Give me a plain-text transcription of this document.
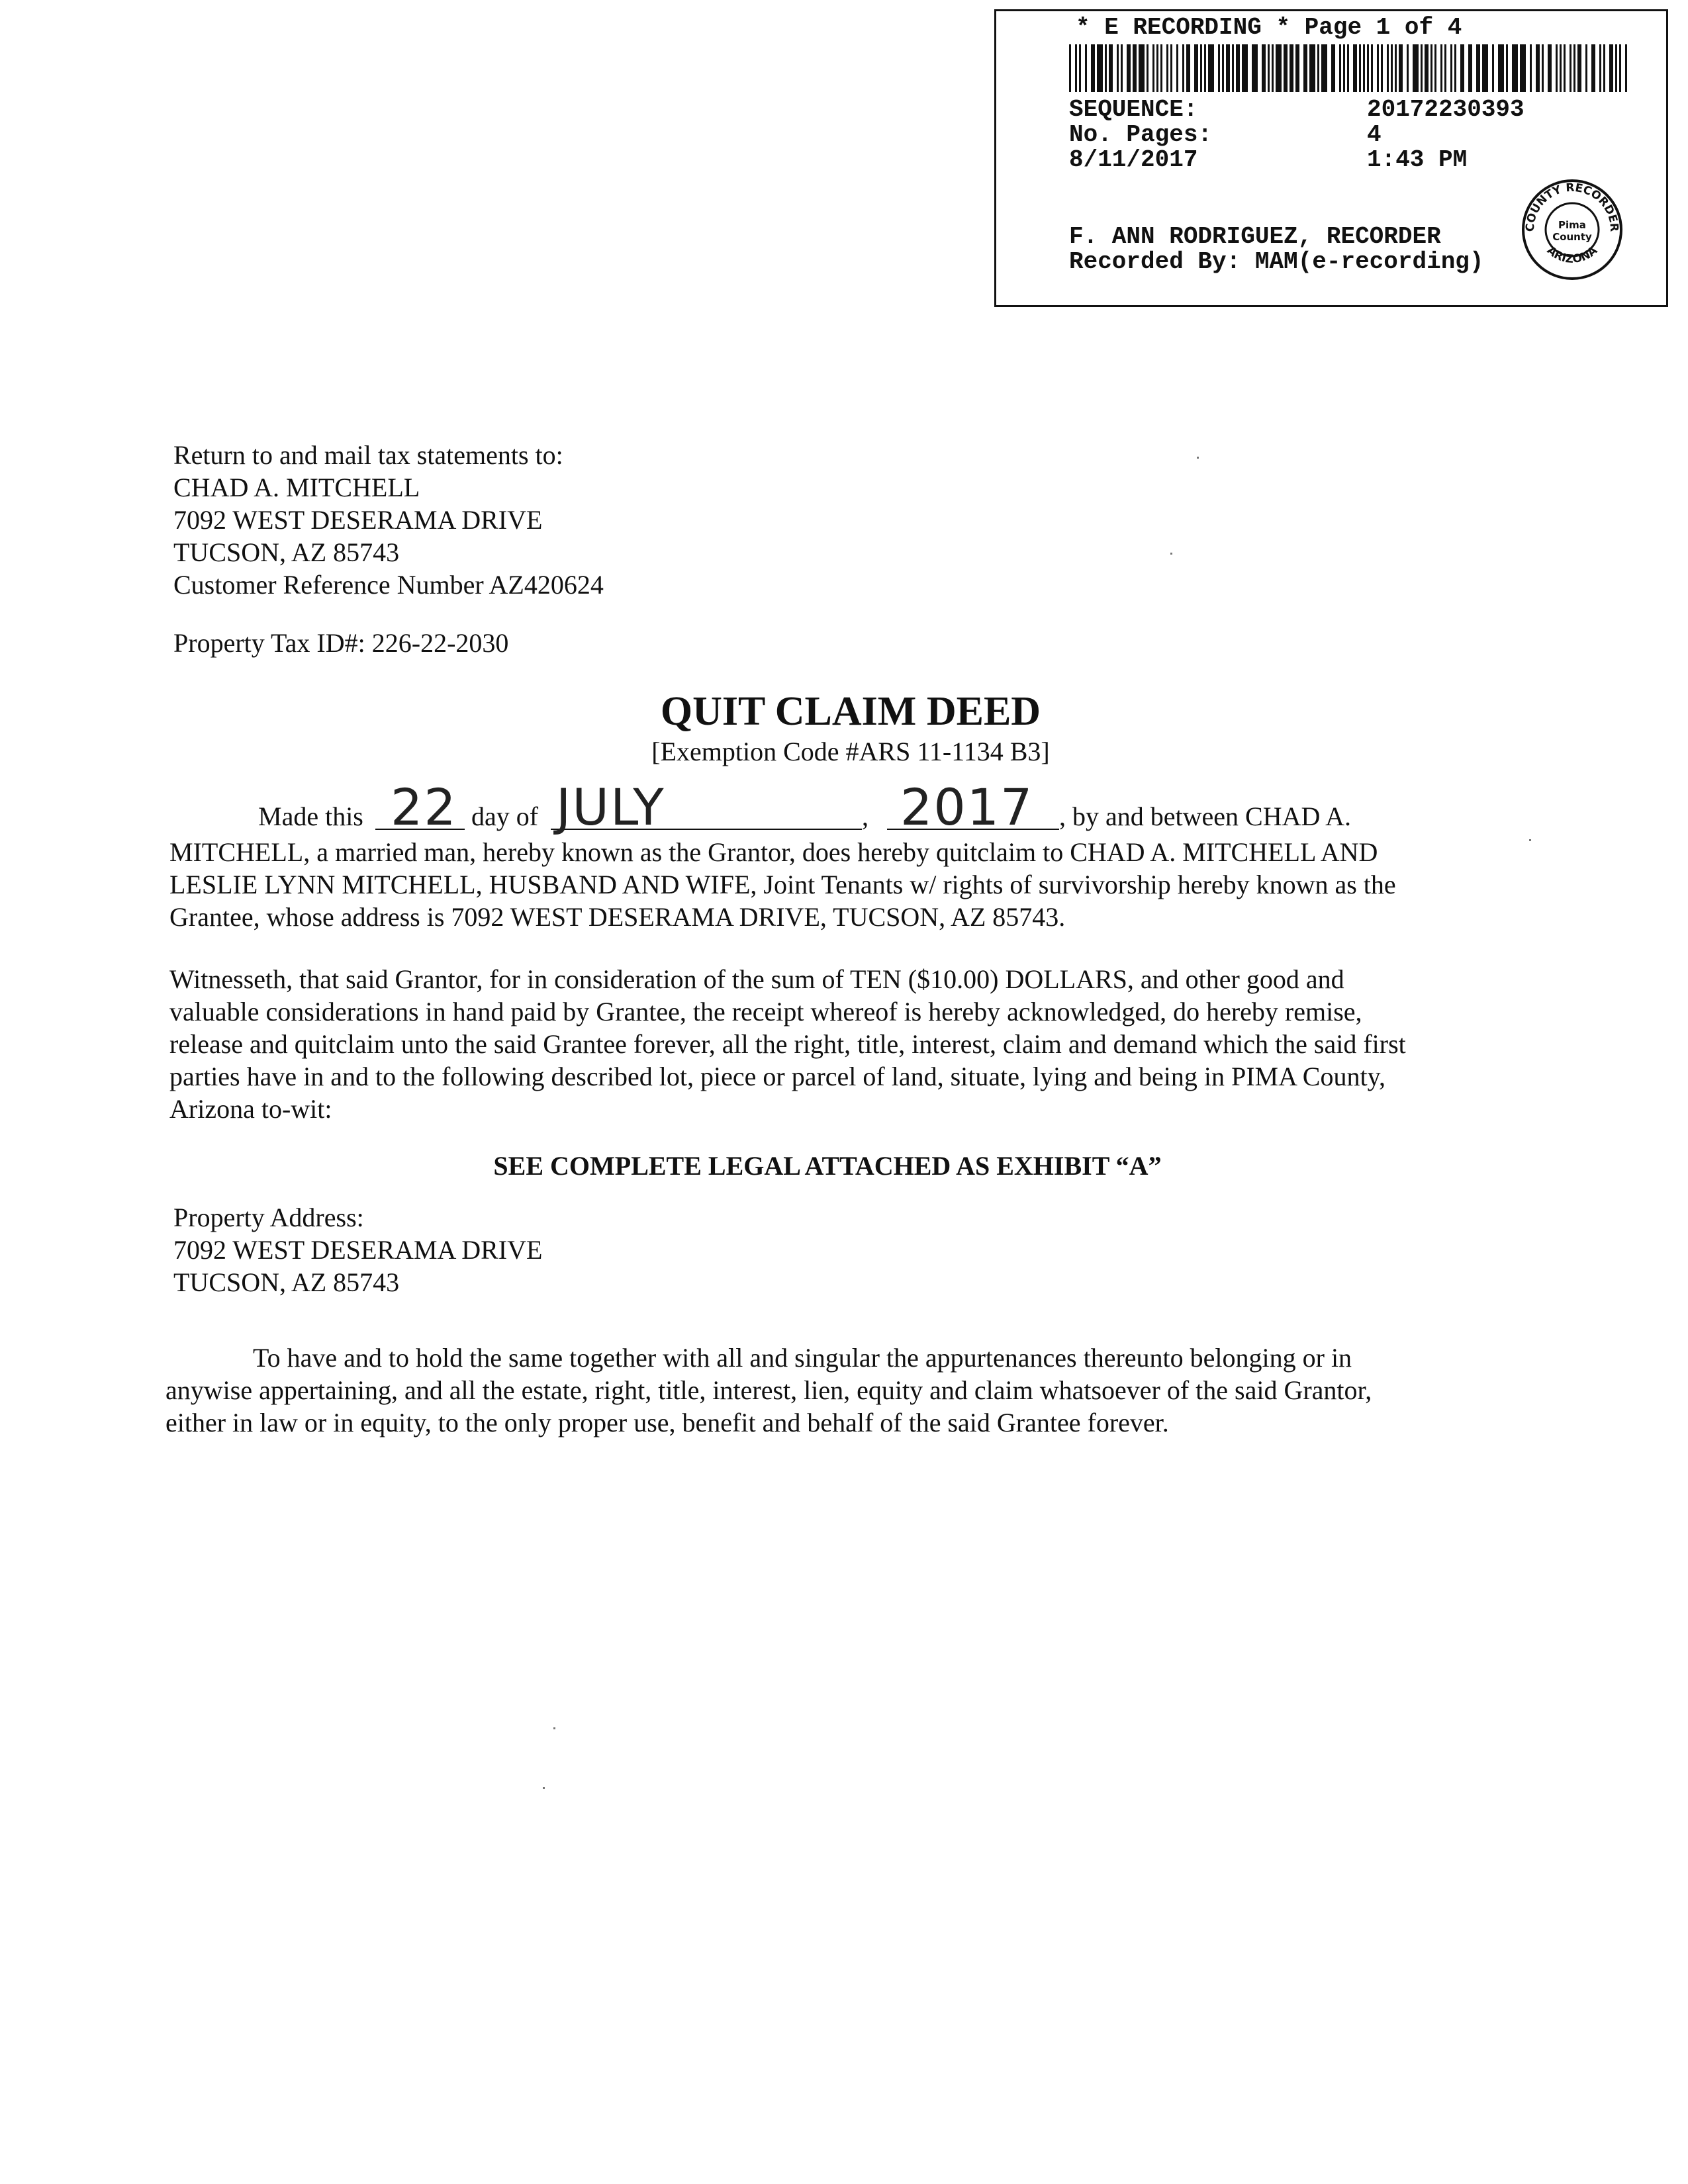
* E RECORDING * Page 1 of 4
SEQUENCE:	20172230393
No. Pages:	4
8/11/2017	1:43 PM
F. ANN RODRIGUEZ, RECORDER
Recorded By: MAM(e-recording)
COUNTY RECORDER
ARIZONA
Pima
County
Return to and mail tax statements to:
CHAD A. MITCHELL
7092 WEST DESERAMA DRIVE
TUCSON, AZ 85743
Customer Reference Number AZ420624
Property Tax ID#: 226-22-2030
QUIT CLAIM DEED
[Exemption Code #ARS 11-1134 B3]
Made this 22 day of JULY	, 2017 , by and between CHAD A.
MITCHELL, a married man, hereby known as the Grantor, does hereby quitclaim to CHAD A. MITCHELL AND
LESLIE LYNN MITCHELL, HUSBAND AND WIFE, Joint Tenants w/ rights of survivorship hereby known as the
Grantee, whose address is 7092 WEST DESERAMA DRIVE, TUCSON, AZ 85743.
Witnesseth, that said Grantor, for in consideration of the sum of TEN ($10.00) DOLLARS, and other good and
valuable considerations in hand paid by Grantee, the receipt whereof is hereby acknowledged, do hereby remise,
release and quitclaim unto the said Grantee forever, all the right, title, interest, claim and demand which the said first
parties have in and to the following described lot, piece or parcel of land, situate, lying and being in PIMA County,
Arizona to-wit:
SEE COMPLETE LEGAL ATTACHED AS EXHIBIT “A”
Property Address:
7092 WEST DESERAMA DRIVE
TUCSON, AZ 85743
To have and to hold the same together with all and singular the appurtenances thereunto belonging or in
anywise appertaining, and all the estate, right, title, interest, lien, equity and claim whatsoever of the said Grantor,
either in law or in equity, to the only proper use, benefit and behalf of the said Grantee forever.
